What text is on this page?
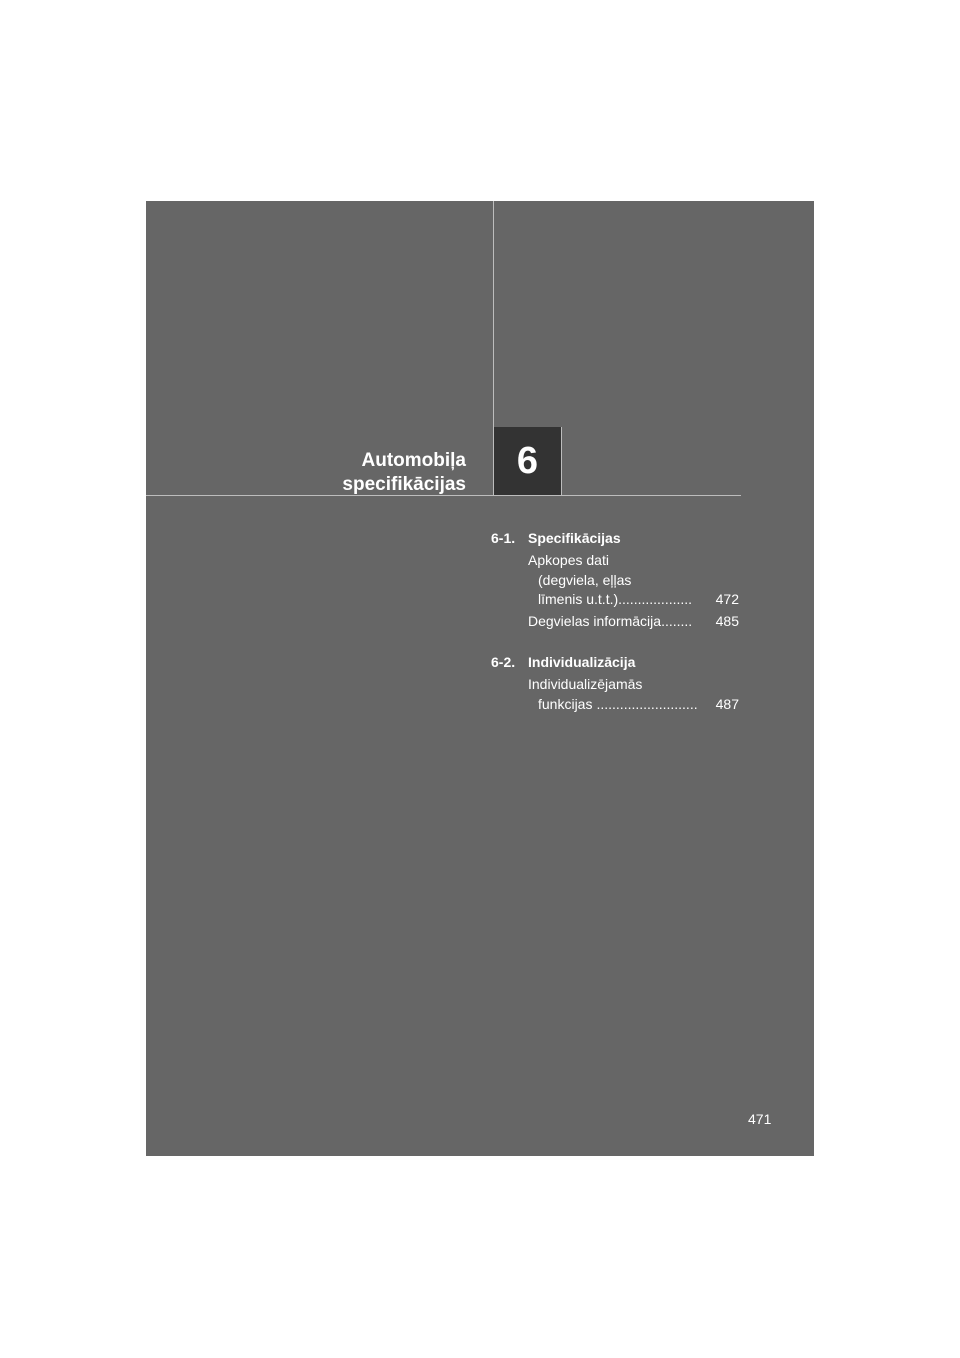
Automobiļa
specifikācijas
6
6-1. Specifikācijas
Apkopes dati
(degviela, eļļas
līmenis u.t.t.) ...................	472
Degvielas informācija ........	485
6-2. Individualizācija
Individualizējamās
funkcijas ..........................	487
471
